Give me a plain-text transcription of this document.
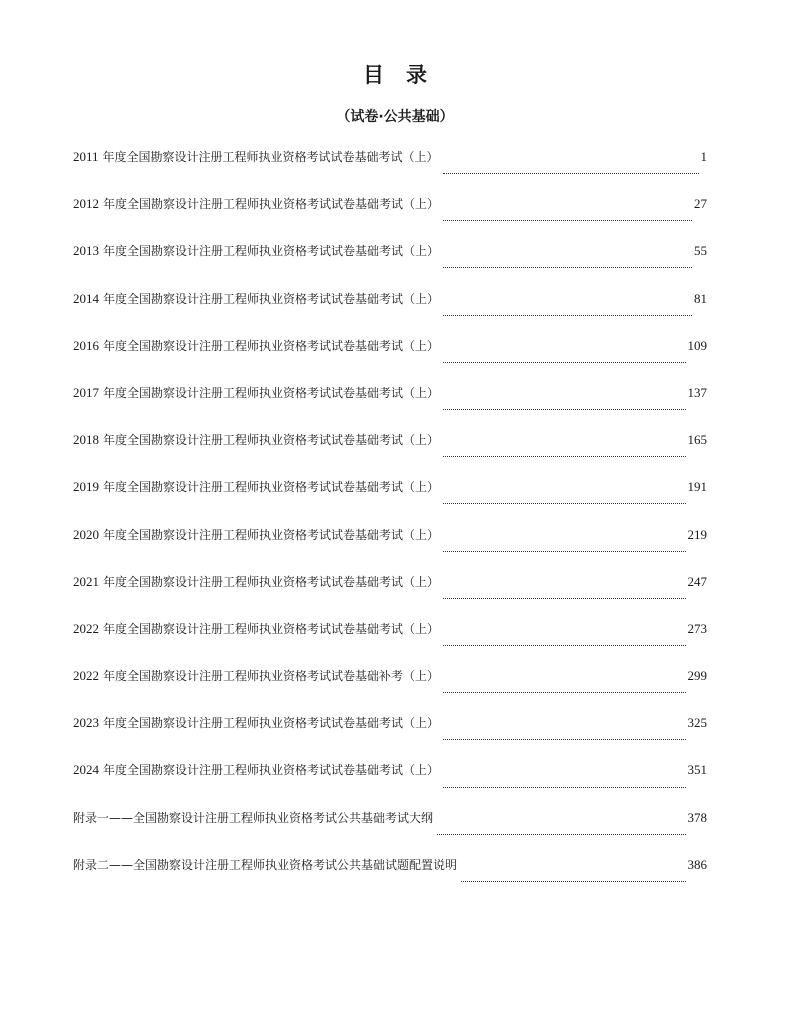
目录
（试卷·公共基础）
2011 年度全国勘察设计注册工程师执业资格考试试卷基础考试（上）	1
2012 年度全国勘察设计注册工程师执业资格考试试卷基础考试（上）	27
2013 年度全国勘察设计注册工程师执业资格考试试卷基础考试（上）	55
2014 年度全国勘察设计注册工程师执业资格考试试卷基础考试（上）	81
2016 年度全国勘察设计注册工程师执业资格考试试卷基础考试（上）	109
2017 年度全国勘察设计注册工程师执业资格考试试卷基础考试（上）	137
2018 年度全国勘察设计注册工程师执业资格考试试卷基础考试（上）	165
2019 年度全国勘察设计注册工程师执业资格考试试卷基础考试（上）	191
2020 年度全国勘察设计注册工程师执业资格考试试卷基础考试（上）	219
2021 年度全国勘察设计注册工程师执业资格考试试卷基础考试（上）	247
2022 年度全国勘察设计注册工程师执业资格考试试卷基础考试（上）	273
2022 年度全国勘察设计注册工程师执业资格考试试卷基础补考（上）	299
2023 年度全国勘察设计注册工程师执业资格考试试卷基础考试（上）	325
2024 年度全国勘察设计注册工程师执业资格考试试卷基础考试（上）	351
附录一——全国勘察设计注册工程师执业资格考试公共基础考试大纲	378
附录二——全国勘察设计注册工程师执业资格考试公共基础试题配置说明	386
